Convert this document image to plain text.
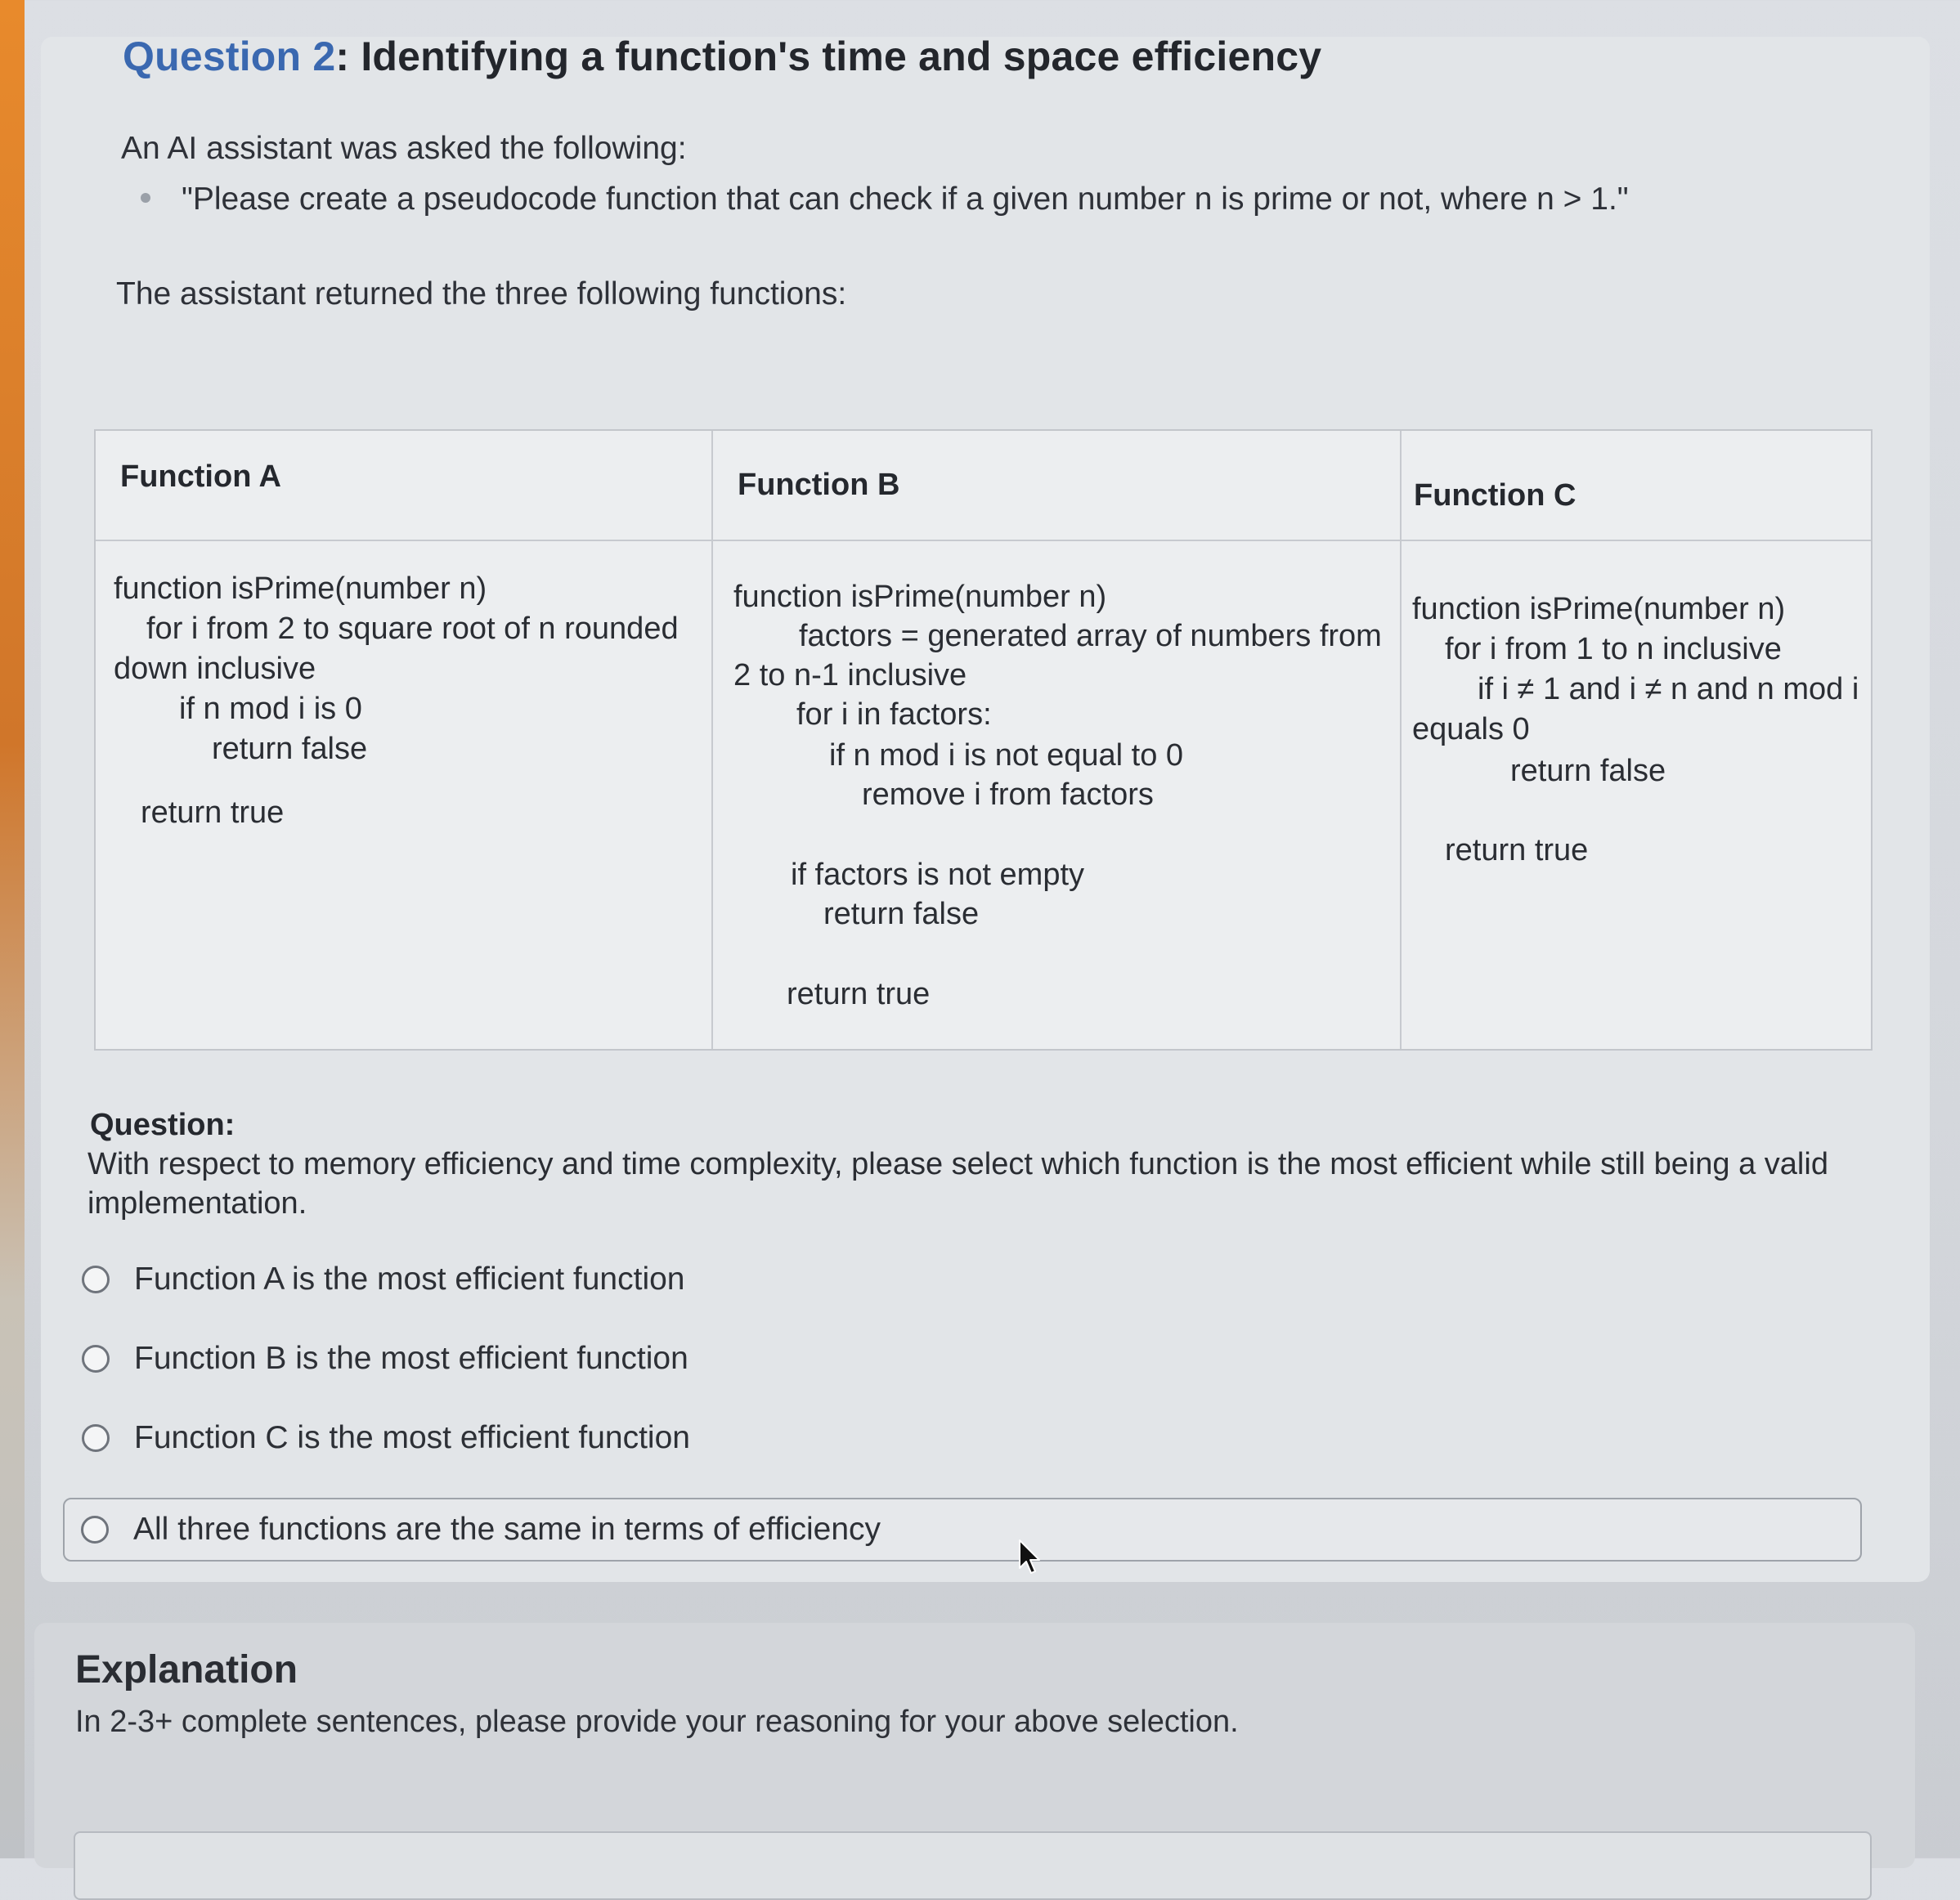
Question 2: Identifying a function's time and space efficiency
An AI assistant was asked the following:
"Please create a pseudocode function that can check if a given number n is prime or not, where n > 1."
The assistant returned the three following functions:
Function A	Function B	Function C
function isPrime(number n)
for i from 2 to square root of n rounded
down inclusive
if n mod i is 0
return false
return true
function isPrime(number n)
factors = generated array of numbers from
2 to n-1 inclusive
for i in factors:
if n mod i is not equal to 0
remove i from factors
if factors is not empty
return false
return true
function isPrime(number n)
for i from 1 to n inclusive
if i ≠ 1 and i ≠ n and n mod i
equals 0
return false
return true
Question:
With respect to memory efficiency and time complexity, please select which function is the most efficient while still being a valid implementation.
Function A is the most efficient function
Function B is the most efficient function
Function C is the most efficient function
All three functions are the same in terms of efficiency
Explanation
In 2-3+ complete sentences, please provide your reasoning for your above selection.
